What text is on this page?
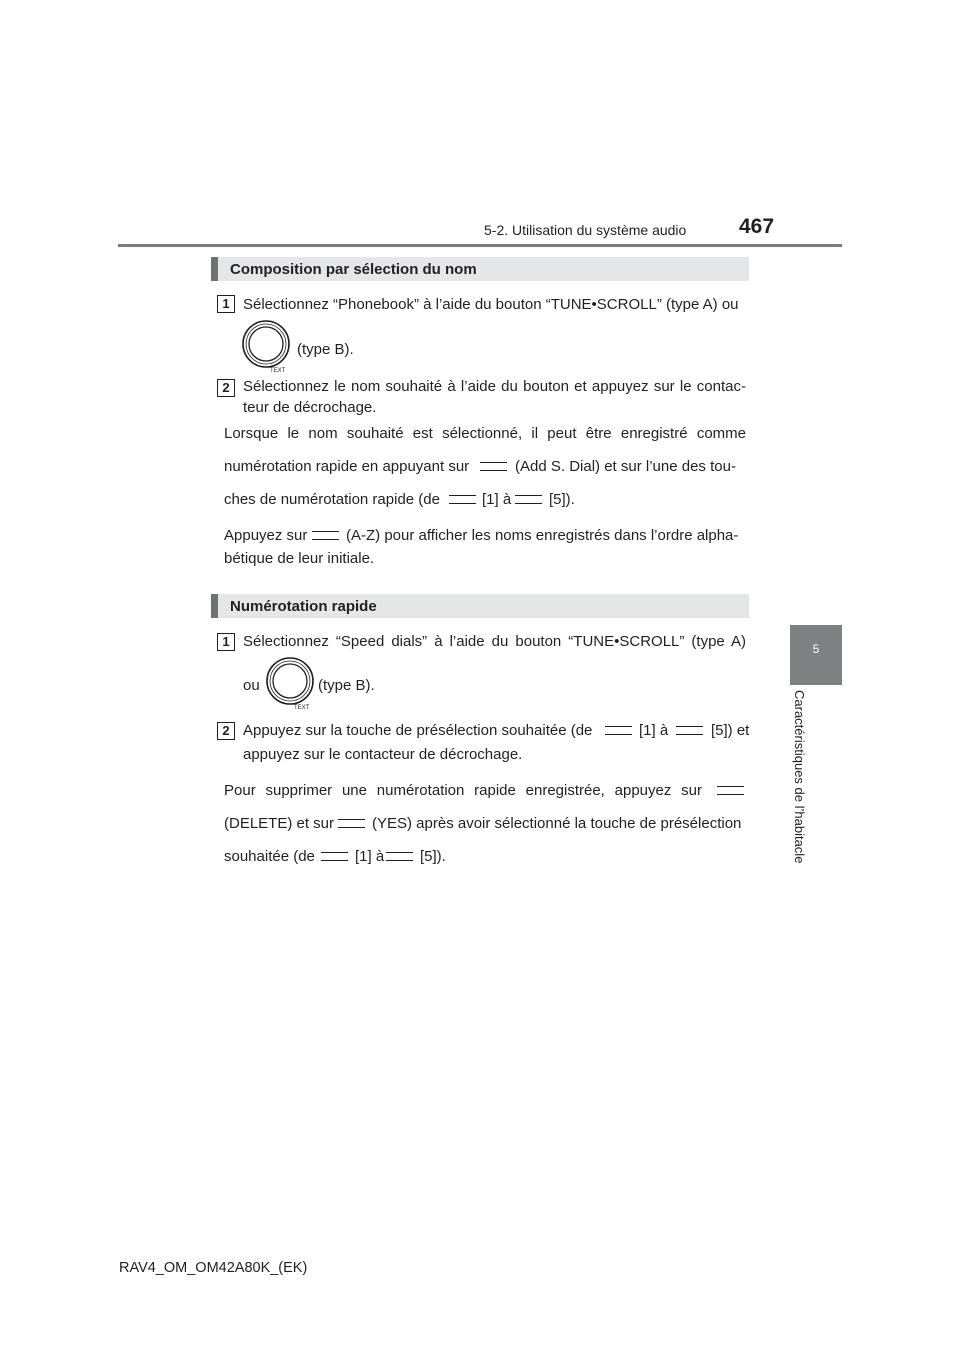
5-2. Utilisation du système audio	467
5
Caractéristiques de l’habitacle
Composition par sélection du nom
1 Sélectionnez “Phonebook” à l’aide du bouton “TUNE•SCROLL” (type A) ou
TEXT
(type B).
2 Sélectionnez le nom souhaité à l’aide du bouton et appuyez sur le contac-
teur de décrochage.
Lorsque le nom souhaité est sélectionné, il peut être enregistré comme
numérotation rapide en appuyant sur	(Add S. Dial) et sur l’une des tou-
ches de numérotation rapide (de	[1] à	[5]).
Appuyez sur	(A-Z) pour afficher les noms enregistrés dans l’ordre alpha-
bétique de leur initiale.
Numérotation rapide
1 Sélectionnez “Speed dials” à l’aide du bouton “TUNE•SCROLL” (type A)
ou
TEXT
(type B).
2 Appuyez sur la touche de présélection souhaitée (de	[1] à	[5]) et
appuyez sur le contacteur de décrochage.
Pour supprimer une numérotation rapide enregistrée, appuyez sur
(DELETE) et sur	(YES) après avoir sélectionné la touche de présélection
souhaitée (de	[1] à [5]).
RAV4_OM_OM42A80K_(EK)
